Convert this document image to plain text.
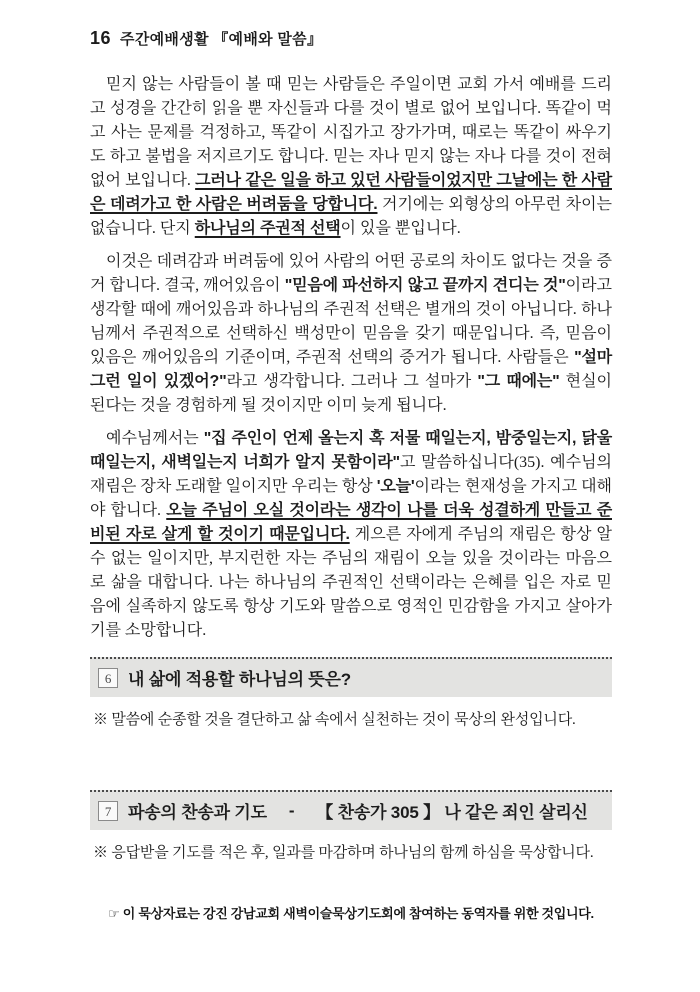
16 주간예배생활 『예배와 말씀』

믿지 않는 사람들이 볼 때 믿는 사람들은 주일이면 교회 가서 예배를 드리고 성경을 간간히 읽을 뿐 자신들과 다를 것이 별로 없어 보입니다. 똑같이 먹고 사는 문제를 걱정하고, 똑같이 시집가고 장가가며, 때로는 똑같이 싸우기도 하고 불법을 저지르기도 합니다. 믿는 자나 믿지 않는 자나 다를 것이 전혀 없어 보입니다. 그러나 같은 일을 하고 있던 사람들이었지만 그날에는 한 사람은 데려가고 한 사람은 버려둠을 당합니다. 거기에는 외형상의 아무런 차이는 없습니다. 단지 하나님의 주권적 선택이 있을 뿐입니다.

이것은 데려감과 버려둠에 있어 사람의 어떤 공로의 차이도 없다는 것을 증거 합니다. 결국, 깨어있음이 "믿음에 파선하지 않고 끝까지 견디는 것"이라고 생각할 때에 깨어있음과 하나님의 주권적 선택은 별개의 것이 아닙니다. 하나님께서 주권적으로 선택하신 백성만이 믿음을 갖기 때문입니다. 즉, 믿음이 있음은 깨어있음의 기준이며, 주권적 선택의 증거가 됩니다. 사람들은 "설마 그런 일이 있겠어?"라고 생각합니다. 그러나 그 설마가 "그 때에는" 현실이 된다는 것을 경험하게 될 것이지만 이미 늦게 됩니다.

예수님께서는 "집 주인이 언제 올는지 혹 저물 때일는지, 밤중일는지, 닭울 때일는지, 새벽일는지 너희가 알지 못함이라"고 말씀하십니다(35). 예수님의 재림은 장차 도래할 일이지만 우리는 항상 '오늘'이라는 현재성을 가지고 대해야 합니다. 오늘 주님이 오실 것이라는 생각이 나를 더욱 성결하게 만들고 준비된 자로 살게 할 것이기 때문입니다. 게으른 자에게 주님의 재림은 항상 알 수 없는 일이지만, 부지런한 자는 주님의 재림이 오늘 있을 것이라는 마음으로 삶을 대합니다. 나는 하나님의 주권적인 선택이라는 은혜를 입은 자로 믿음에 실족하지 않도록 항상 기도와 말씀으로 영적인 민감함을 가지고 살아가기를 소망합니다.

6 내 삶에 적용할 하나님의 뜻은?
※ 말씀에 순종할 것을 결단하고 삶 속에서 실천하는 것이 묵상의 완성입니다.
7 파송의 찬송과 기도 - 【 찬송가 305 】 나 같은 죄인 살리신
※ 응답받을 기도를 적은 후, 일과를 마감하며 하나님의 함께 하심을 묵상합니다.
☞ 이 묵상자료는 강진 강남교회 새벽이슬묵상기도회에 참여하는 동역자를 위한 것입니다.
